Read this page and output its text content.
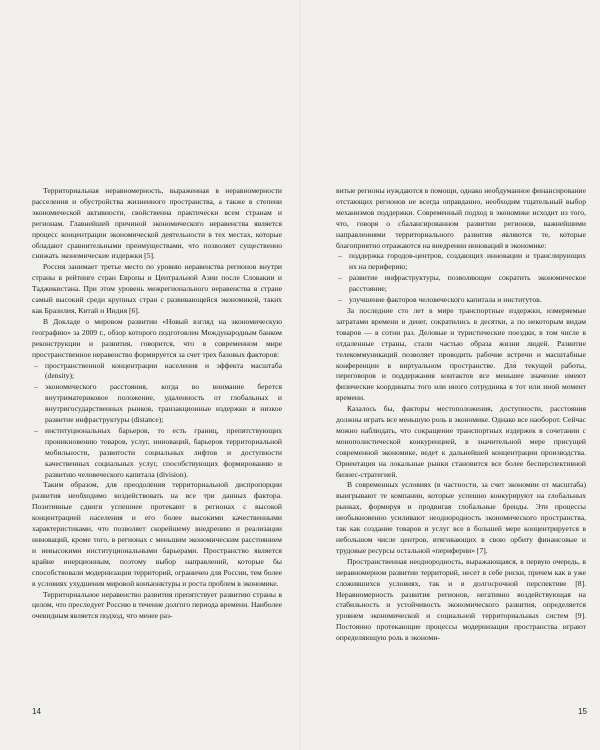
Территориальная неравномерность, выраженная в неравномерности расселения и обустройства жизненного пространства, а также в степени экономической активности, свойственна практически всем странам и регионам. Главнейшей причиной экономического неравенства является процесс концентрации экономической деятельности в тех местах, которые обладают сравнительными преимуществами, что позволяет существенно снижать экономические издержки [5].

Россия занимает третье место по уровню неравенства регионов внутри страны в рейтинге стран Европы и Центральной Азии после Словакии и Таджикистана. При этом уровень межрегионального неравенства в стране самый высокий среди крупных стран с развивающейся экономикой, таких как Бразилия, Китай и Индия [6].

В Докладе о мировом развитии «Новый взгляд на экономическую географию» за 2009 г., обзор которого подготовлен Международным банком реконструкции и развития, говорится, что в современном мире пространственное неравенство формируется за счет трех базовых факторов:

– пространственной концентрации населения и эффекта масштаба (density);
– экономического расстояния, когда во внимание берется внутриматериковое положение, удаленность от глобальных и внутригосударственных рынков, транзакционные издержки и низкое развитие инфраструктуры (distance);
– институциональных барьеров, то есть границ, препятствующих проникновению товаров, услуг, инноваций, барьеров территориальной мобильности, развитости социальных лифтов и доступности качественных социальных услуг, способствующих формированию и развитию человеческого капитала (division).

Таким образом, для преодоления территориальной диспропорции развития необходимо воздействовать на все три данных фактора. Позитивные сдвиги успешнее протекают в регионах с высокой концентрацией населения и его более высокими качественными характеристиками, что позволяет скорейшему внедрению и реализации инноваций, кроме того, в регионах с меньшим экономическим расстоянием и невысокими институциональными барьерами. Пространство является крайне инерционным, поэтому выбор направлений, которые бы способствовали модернизации территорий, ограничен для России, тем более в условиях ухудшения мировой конъюнктуры и роста проблем в экономике.

Территориальное неравенство развития препятствует развитию страны в целом, что преследует Россию в течение долгого периода времени. Наиболее очевидным является подход, что менее раз-

14	15

витые регионы нуждаются в помощи, однако необдуманное финансирование отстающих регионов не всегда оправданно, необходим тщательный выбор механизмов поддержки. Современный подход в экономике исходит из того, что, говоря о сбалансированном развитии регионов, важнейшими направлениями территориального развития являются те, которые благоприятно отражаются на внедрении инноваций в экономике:

– поддержка городов-центров, создающих инновации и транслирующих их на периферию;
– развитие инфраструктуры, позволяющее сократить экономическое расстояние;
– улучшение факторов человеческого капитала и институтов.

За последние сто лет в мире транспортные издержки, измеряемые затратами времени и денег, сократились в десятки, а по некоторым видам товаров — в сотни раз. Деловые и туристические поездки, в том числе в отдаленные страны, стали частью образа жизни людей. Развитие телекоммуникаций позволяет проводить рабочие встречи и масштабные конференции в виртуальном пространстве. Для текущей работы, переговоров и поддержания контактов все меньшее значение имеют физические координаты того или иного сотрудника в тот или иной момент времени.

Казалось бы, факторы местоположения, доступности, расстояния должны играть все меньшую роль в экономике. Однако все наоборот. Сейчас можно наблюдать, что сокращение транспортных издержек в сочетании с монополистической конкуренцией, в значительной мере присущей современной экономике, ведет к дальнейшей концентрации производства. Ориентация на локальные рынки становится все более бесперспективной бизнес-стратегией.

В современных условиях (в частности, за счет экономии от масштаба) выигрывают те компании, которые успешно конкурируют на глобальных рынках, формируя и продвигая глобальные бренды. Эти процессы необыкновенно усиливают неоднородность экономического пространства, так как создание товаров и услуг все в большей мере концентрируется в небольшом числе центров, втягивающих в свою орбиту финансовые и трудовые ресурсы остальной «периферии» [7].

Пространственная неоднородность, выражающаяся, в первую очередь, в неравномерном развитии территорий, несет в себе риски, причем как в уже сложившихся условиях, так и в долгосрочной перспективе [8]. Неравномерность развития регионов, негативно воздействующая на стабильность и устойчивость экономического развития, определяется уровнем экономической и социальной территориальных систем [9]. Постоянно протекающие процессы модернизации пространства играют определяющую роль в экономи-
